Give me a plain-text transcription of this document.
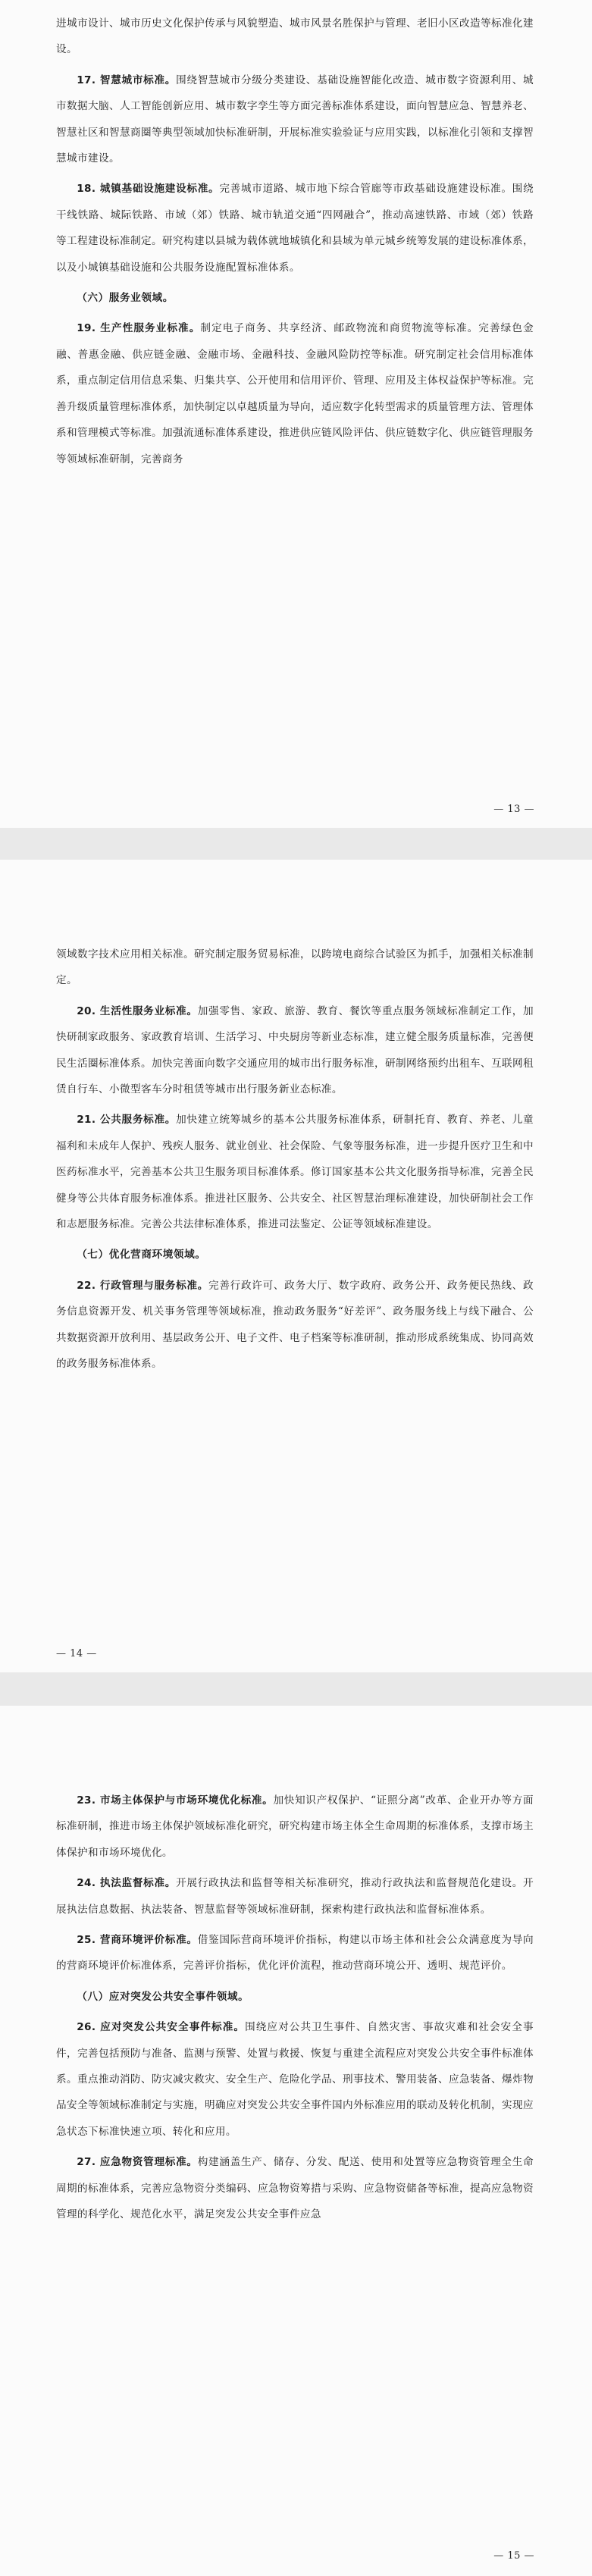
进城市设计、城市历史文化保护传承与风貌塑造、城市风景名胜保护与管理、老旧小区改造等标准化建设。

17. 智慧城市标准。围绕智慧城市分级分类建设、基础设施智能化改造、城市数字资源利用、城市数据大脑、人工智能创新应用、城市数字孪生等方面完善标准体系建设，面向智慧应急、智慧养老、智慧社区和智慧商圈等典型领域加快标准研制，开展标准实验验证与应用实践，以标准化引领和支撑智慧城市建设。

18. 城镇基础设施建设标准。完善城市道路、城市地下综合管廊等市政基础设施建设标准。围绕干线铁路、城际铁路、市域（郊）铁路、城市轨道交通“四网融合”，推动高速铁路、市域（郊）铁路等工程建设标准制定。研究构建以县城为载体就地城镇化和县域为单元城乡统筹发展的建设标准体系，以及小城镇基础设施和公共服务设施配置标准体系。

（六）服务业领域。

19. 生产性服务业标准。制定电子商务、共享经济、邮政物流和商贸物流等标准。完善绿色金融、普惠金融、供应链金融、金融市场、金融科技、金融风险防控等标准。研究制定社会信用标准体系，重点制定信用信息采集、归集共享、公开使用和信用评价、管理、应用及主体权益保护等标准。完善升级质量管理标准体系，加快制定以卓越质量为导向，适应数字化转型需求的质量管理方法、管理体系和管理模式等标准。加强流通标准体系建设，推进供应链风险评估、供应链数字化、供应链管理服务等领域标准研制，完善商务

— 13 —

领域数字技术应用相关标准。研究制定服务贸易标准，以跨境电商综合试验区为抓手，加强相关标准制定。

20. 生活性服务业标准。加强零售、家政、旅游、教育、餐饮等重点服务领域标准制定工作，加快研制家政服务、家政教育培训、生活学习、中央厨房等新业态标准，建立健全服务质量标准，完善便民生活圈标准体系。加快完善面向数字交通应用的城市出行服务标准，研制网络预约出租车、互联网租赁自行车、小微型客车分时租赁等城市出行服务新业态标准。

21. 公共服务标准。加快建立统筹城乡的基本公共服务标准体系，研制托育、教育、养老、儿童福利和未成年人保护、残疾人服务、就业创业、社会保险、气象等服务标准，进一步提升医疗卫生和中医药标准水平，完善基本公共卫生服务项目标准体系。修订国家基本公共文化服务指导标准，完善全民健身等公共体育服务标准体系。推进社区服务、公共安全、社区智慧治理标准建设，加快研制社会工作和志愿服务标准。完善公共法律标准体系，推进司法鉴定、公证等领域标准建设。

（七）优化营商环境领域。

22. 行政管理与服务标准。完善行政许可、政务大厅、数字政府、政务公开、政务便民热线、政务信息资源开发、机关事务管理等领域标准，推动政务服务“好差评”、政务服务线上与线下融合、公共数据资源开放利用、基层政务公开、电子文件、电子档案等标准研制，推动形成系统集成、协同高效的政务服务标准体系。

— 14 —

23. 市场主体保护与市场环境优化标准。加快知识产权保护、“证照分离”改革、企业开办等方面标准研制，推进市场主体保护领域标准化研究，研究构建市场主体全生命周期的标准体系，支撑市场主体保护和市场环境优化。

24. 执法监督标准。开展行政执法和监督等相关标准研究，推动行政执法和监督规范化建设。开展执法信息数据、执法装备、智慧监督等领域标准研制，探索构建行政执法和监督标准体系。

25. 营商环境评价标准。借鉴国际营商环境评价指标，构建以市场主体和社会公众满意度为导向的营商环境评价标准体系，完善评价指标，优化评价流程，推动营商环境公开、透明、规范评价。

（八）应对突发公共安全事件领域。

26. 应对突发公共安全事件标准。围绕应对公共卫生事件、自然灾害、事故灾难和社会安全事件，完善包括预防与准备、监测与预警、处置与救援、恢复与重建全流程应对突发公共安全事件标准体系。重点推动消防、防灾减灾救灾、安全生产、危险化学品、刑事技术、警用装备、应急装备、爆炸物品安全等领域标准制定与实施，明确应对突发公共安全事件国内外标准应用的联动及转化机制，实现应急状态下标准快速立项、转化和应用。

27. 应急物资管理标准。构建涵盖生产、储存、分发、配送、使用和处置等应急物资管理全生命周期的标准体系，完善应急物资分类编码、应急物资筹措与采购、应急物资储备等标准，提高应急物资管理的科学化、规范化水平，满足突发公共安全事件应急

— 15 —
